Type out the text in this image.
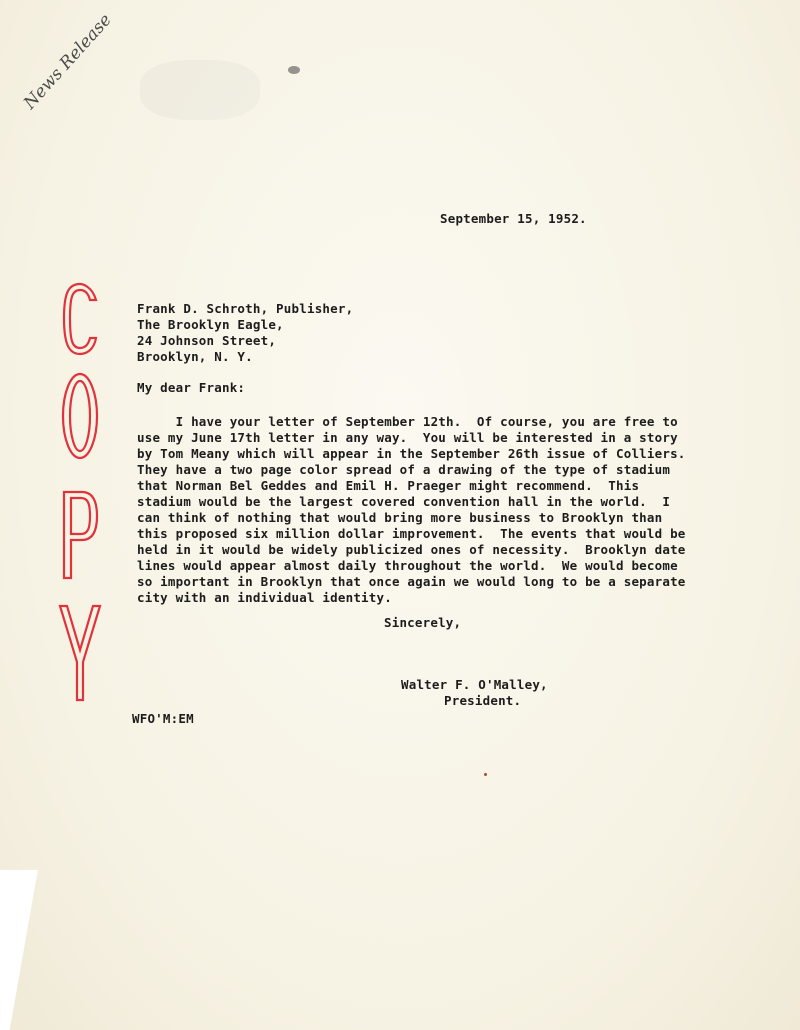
News Release
September 15, 1952.
Frank D. Schroth, Publisher,
The Brooklyn Eagle,
24 Johnson Street,
Brooklyn, N. Y.
My dear Frank:
I have your letter of September 12th.  Of course, you are free to
use my June 17th letter in any way.  You will be interested in a story
by Tom Meany which will appear in the September 26th issue of Colliers.
They have a two page color spread of a drawing of the type of stadium
that Norman Bel Geddes and Emil H. Praeger might recommend.  This
stadium would be the largest covered convention hall in the world.  I
can think of nothing that would bring more business to Brooklyn than
this proposed six million dollar improvement.  The events that would be
held in it would be widely publicized ones of necessity.  Brooklyn date
lines would appear almost daily throughout the world.  We would become
so important in Brooklyn that once again we would long to be a separate
city with an individual identity.
Sincerely,
Walter F. O'Malley,
President.
WFO'M:EM
